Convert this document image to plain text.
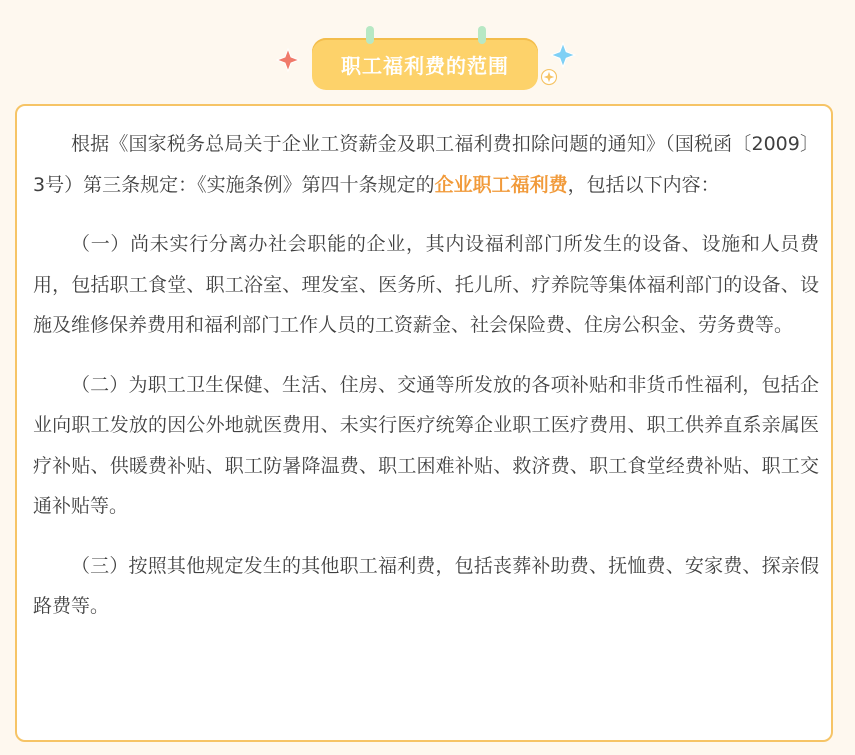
职工福利费的范围

根据《国家税务总局关于企业工资薪金及职工福利费扣除问题的通知》（国税函〔2009〕3号）第三条规定：《实施条例》第四十条规定的企业职工福利费，包括以下内容：

（一）尚未实行分离办社会职能的企业，其内设福利部门所发生的设备、设施和人员费用，包括职工食堂、职工浴室、理发室、医务所、托儿所、疗养院等集体福利部门的设备、设施及维修保养费用和福利部门工作人员的工资薪金、社会保险费、住房公积金、劳务费等。

（二）为职工卫生保健、生活、住房、交通等所发放的各项补贴和非货币性福利，包括企业向职工发放的因公外地就医费用、未实行医疗统筹企业职工医疗费用、职工供养直系亲属医疗补贴、供暖费补贴、职工防暑降温费、职工困难补贴、救济费、职工食堂经费补贴、职工交通补贴等。

（三）按照其他规定发生的其他职工福利费，包括丧葬补助费、抚恤费、安家费、探亲假路费等。
